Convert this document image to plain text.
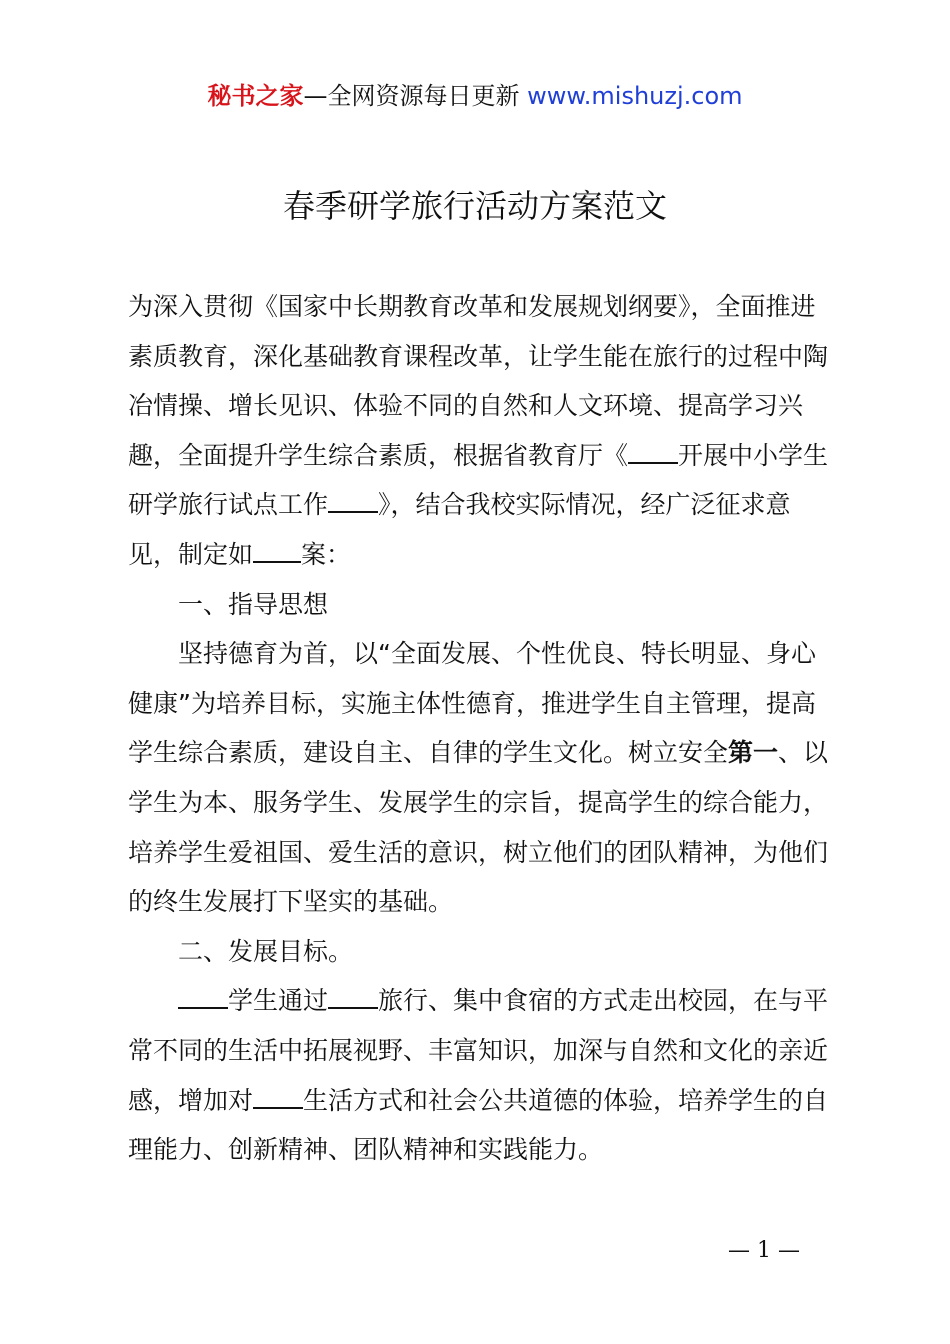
秘书之家—全网资源每日更新 www.mishuzj.com
春季研学旅行活动方案范文

为深入贯彻《国家中长期教育改革和发展规划纲要》，全面推进素质教育，深化基础教育课程改革，让学生能在旅行的过程中陶冶情操、增长见识、体验不同的自然和人文环境、提高学习兴趣，全面提升学生综合素质，根据省教育厅《 开展中小学生研学旅行试点工作 》，结合我校实际情况，经广泛征求意见，制定如 案：

一、指导思想

坚持德育为首，以“全面发展、个性优良、特长明显、身心健康”为培养目标，实施主体性德育，推进学生自主管理，提高学生综合素质，建设自主、自律的学生文化。树立安全第一、以学生为本、服务学生、发展学生的宗旨，提高学生的综合能力，培养学生爱祖国、爱生活的意识，树立他们的团队精神，为他们的终生发展打下坚实的基础。

二、发展目标。

学生通过 旅行、集中食宿的方式走出校园，在与平常不同的生活中拓展视野、丰富知识，加深与自然和文化的亲近感，增加对 生活方式和社会公共道德的体验，培养学生的自理能力、创新精神、团队精神和实践能力。

— 1 —
